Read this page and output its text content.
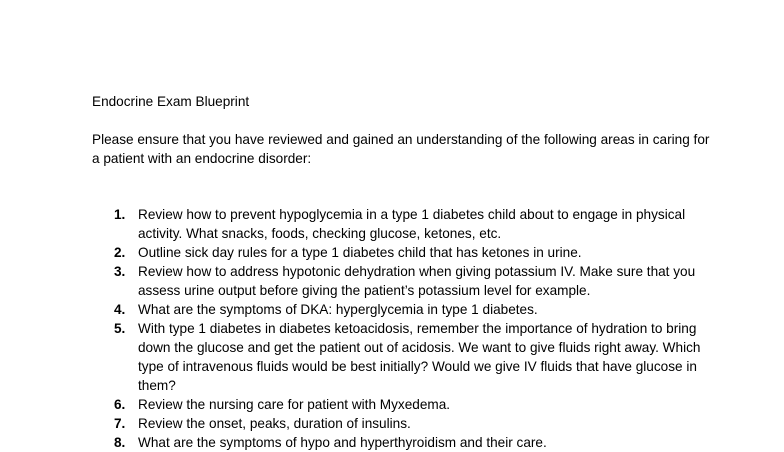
Endocrine Exam Blueprint

Please ensure that you have reviewed and gained an understanding of the following areas in caring for a patient with an endocrine disorder:

1. Review how to prevent hypoglycemia in a type 1 diabetes child about to engage in physical activity. What snacks, foods, checking glucose, ketones, etc.
2. Outline sick day rules for a type 1 diabetes child that has ketones in urine.
3. Review how to address hypotonic dehydration when giving potassium IV. Make sure that you assess urine output before giving the patient’s potassium level for example.
4. What are the symptoms of DKA: hyperglycemia in type 1 diabetes.
5. With type 1 diabetes in diabetes ketoacidosis, remember the importance of hydration to bring down the glucose and get the patient out of acidosis. We want to give fluids right away. Which type of intravenous fluids would be best initially? Would we give IV fluids that have glucose in them?
6. Review the nursing care for patient with Myxedema.
7. Review the onset, peaks, duration of insulins.
8. What are the symptoms of hypo and hyperthyroidism and their care.
